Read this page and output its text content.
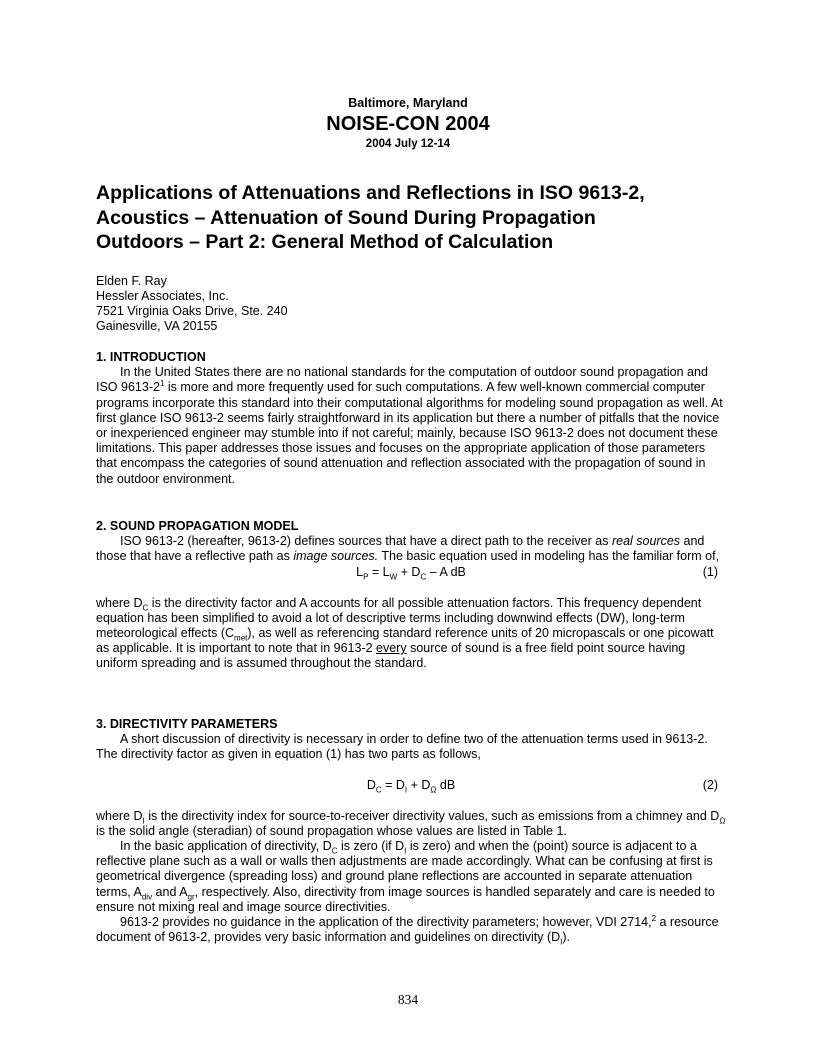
Baltimore, Maryland
NOISE-CON 2004
2004 July 12-14
Applications of Attenuations and Reflections in ISO 9613-2,
Acoustics – Attenuation of Sound During Propagation
Outdoors – Part 2: General Method of Calculation
Elden F. Ray
Hessler Associates, Inc.
7521 Virginia Oaks Drive, Ste. 240
Gainesville, VA 20155
1. INTRODUCTION

In the United States there are no national standards for the computation of outdoor sound propagation and ISO $9613-2^1$ is more and more frequently used for such computations. A few well-known commercial computer programs incorporate this standard into their computational algorithms for modeling sound propagation as well. At first glance ISO 9613-2 seems fairly straightforward in its application but there a number of pitfalls that the novice or inexperienced engineer may stumble into if not careful; mainly, because ISO 9613-2 does not document these limitations. This paper addresses those issues and focuses on the appropriate application of those parameters that encompass the categories of sound attenuation and reflection associated with the propagation of sound in the outdoor environment.

2. SOUND PROPAGATION MODEL

ISO 9613-2 (hereafter, 9613-2) defines sources that have a direct path to the receiver as real sources and those that have a reflective path as image sources. The basic equation used in modeling has the familiar form of,

$L_P = L_W + D_C - A$ dB	(1)

where $D_C$ is the directivity factor and A accounts for all possible attenuation factors. This frequency dependent equation has been simplified to avoid a lot of descriptive terms including downwind effects (DW), long-term meteorological effects $(C_{met})$, as well as referencing standard reference units of 20 micropascals or one picowatt as applicable. It is important to note that in 9613-2 every source of sound is a free field point source having uniform spreading and is assumed throughout the standard.

3. DIRECTIVITY PARAMETERS

A short discussion of directivity is necessary in order to define two of the attenuation terms used in 9613-2. The directivity factor as given in equation (1) has two parts as follows,

$D_C = D_I + D_\Omega$ dB	(2)

where $D_I$ is the directivity index for source-to-receiver directivity values, such as emissions from a chimney and $D_\Omega$ is the solid angle (steradian) of sound propagation whose values are listed in Table 1.

In the basic application of directivity, $D_C$ is zero (if $D_I$ is zero) and when the (point) source is adjacent to a reflective plane such as a wall or walls then adjustments are made accordingly. What can be confusing at first is geometrical divergence (spreading loss) and ground plane reflections are accounted in separate attenuation terms, $A_{div}$ and $A_{gr}$, respectively. Also, directivity from image sources is handled separately and care is needed to ensure not mixing real and image source directivities.

9613-2 provides no guidance in the application of the directivity parameters; however, VDI 2714,$^2$ a resource document of 9613-2, provides very basic information and guidelines on directivity $(D_I)$.

834
